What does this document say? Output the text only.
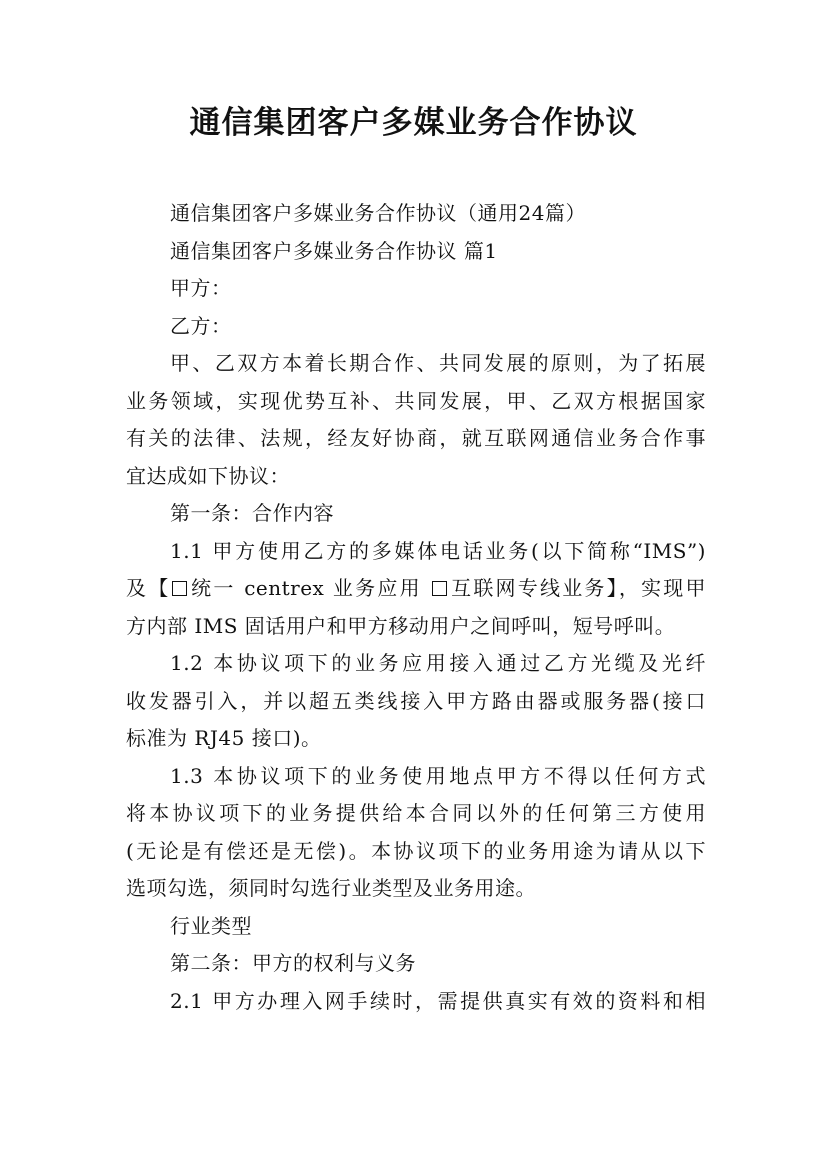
通信集团客户多媒业务合作协议
通信集团客户多媒业务合作协议（通用24篇）
通信集团客户多媒业务合作协议 篇1
甲方：
乙方：
甲、乙双方本着长期合作、共同发展的原则，为了拓展
业务领域，实现优势互补、共同发展，甲、乙双方根据国家
有关的法律、法规，经友好协商，就互联网通信业务合作事
宜达成如下协议：
第一条：合作内容
1.1 甲方使用乙方的多媒体电话业务(以下简称“IMS”)
及【 统一 centrex 业务应用 互联网专线业务】，实现甲
方内部 IMS 固话用户和甲方移动用户之间呼叫，短号呼叫。
1.2 本协议项下的业务应用接入通过乙方光缆及光纤
收发器引入，并以超五类线接入甲方路由器或服务器(接口
标准为 RJ45 接口)。
1.3 本协议项下的业务使用地点甲方不得以任何方式
将本协议项下的业务提供给本合同以外的任何第三方使用
(无论是有偿还是无偿)。本协议项下的业务用途为请从以下
选项勾选，须同时勾选行业类型及业务用途。
行业类型
第二条：甲方的权利与义务
2.1 甲方办理入网手续时，需提供真实有效的资料和相
